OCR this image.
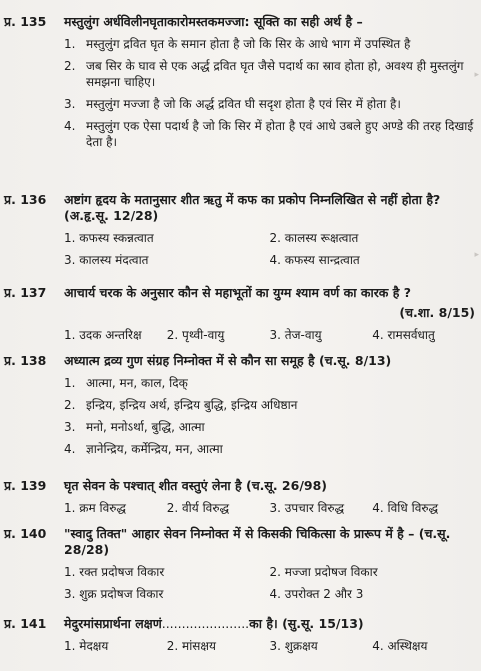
▸
▸
प्र. 135	मस्तुलुंग अर्धविलीनघृताकारोमस्तकमज्जा: सूक्ति का सही अर्थ है –
1. मस्तुलुंग द्रवित घृत के समान होता है जो कि सिर के आधे भाग में उपस्थित है
2. जब सिर के घाव से एक अर्द्ध द्रवित घृत जैसे पदार्थ का स्राव होता हो, अवश्य ही मुस्तलुंग समझना चाहिए।
3. मस्तुलुंग मज्जा है जो कि अर्द्ध द्रवित घी सदृश होता है एवं सिर में होता है।
4. मस्तुलुंग एक ऐसा पदार्थ है जो कि सिर में होता है एवं आधे उबले हुए अण्डे की तरह दिखाई देता है।
प्र. 136	अष्टांग हृदय के मतानुसार शीत ऋतु में कफ का प्रकोप निम्नलिखित से नहीं होता है? (अ.हृ.सू. 12/28)
1. कफस्य स्कन्नत्वात	2. कालस्य रूक्षत्वात
3. कालस्य मंदत्वात	4. कफस्य सान्द्रत्वात
प्र. 137	आचार्य चरक के अनुसार कौन से महाभूतों का युग्म श्याम वर्ण का कारक है ?
(च.शा. 8/15)
1. उदक अन्तरिक्ष	2. पृथ्वी-वायु	3. तेज-वायु	4. रामसर्वधातु
प्र. 138	अध्यात्म द्रव्य गुण संग्रह निम्नोक्त में से कौन सा समूह है (च.सू. 8/13)
1. आत्मा, मन, काल, दिक्
2. इन्द्रिय, इन्द्रिय अर्थ, इन्द्रिय बुद्धि, इन्द्रिय अधिष्ठान
3. मनो, मनोऽर्था, बुद्धि, आत्मा
4. ज्ञानेन्द्रिय, कर्मेन्द्रिय, मन, आत्मा
प्र. 139	घृत सेवन के पश्चात् शीत वस्तुएं लेना है (च.सू. 26/98)
1. क्रम विरुद्ध	2. वीर्य विरुद्ध	3. उपचार विरुद्ध	4. विधि विरुद्ध
प्र. 140	"स्वादु तिक्त" आहार सेवन निम्नोक्त में से किसकी चिकित्सा के प्रारूप में है – (च.सू. 28/28)
1. रक्त प्रदोषज विकार	2. मज्जा प्रदोषज विकार
3. शुक्र प्रदोषज विकार	4. उपरोक्त 2 और 3
प्र. 141	मेदुरमांसप्रार्थना लक्षणं......................का है। (सु.सू. 15/13)
1. मेदक्षय	2. मांसक्षय	3. शुक्रक्षय	4. अस्थिक्षय
